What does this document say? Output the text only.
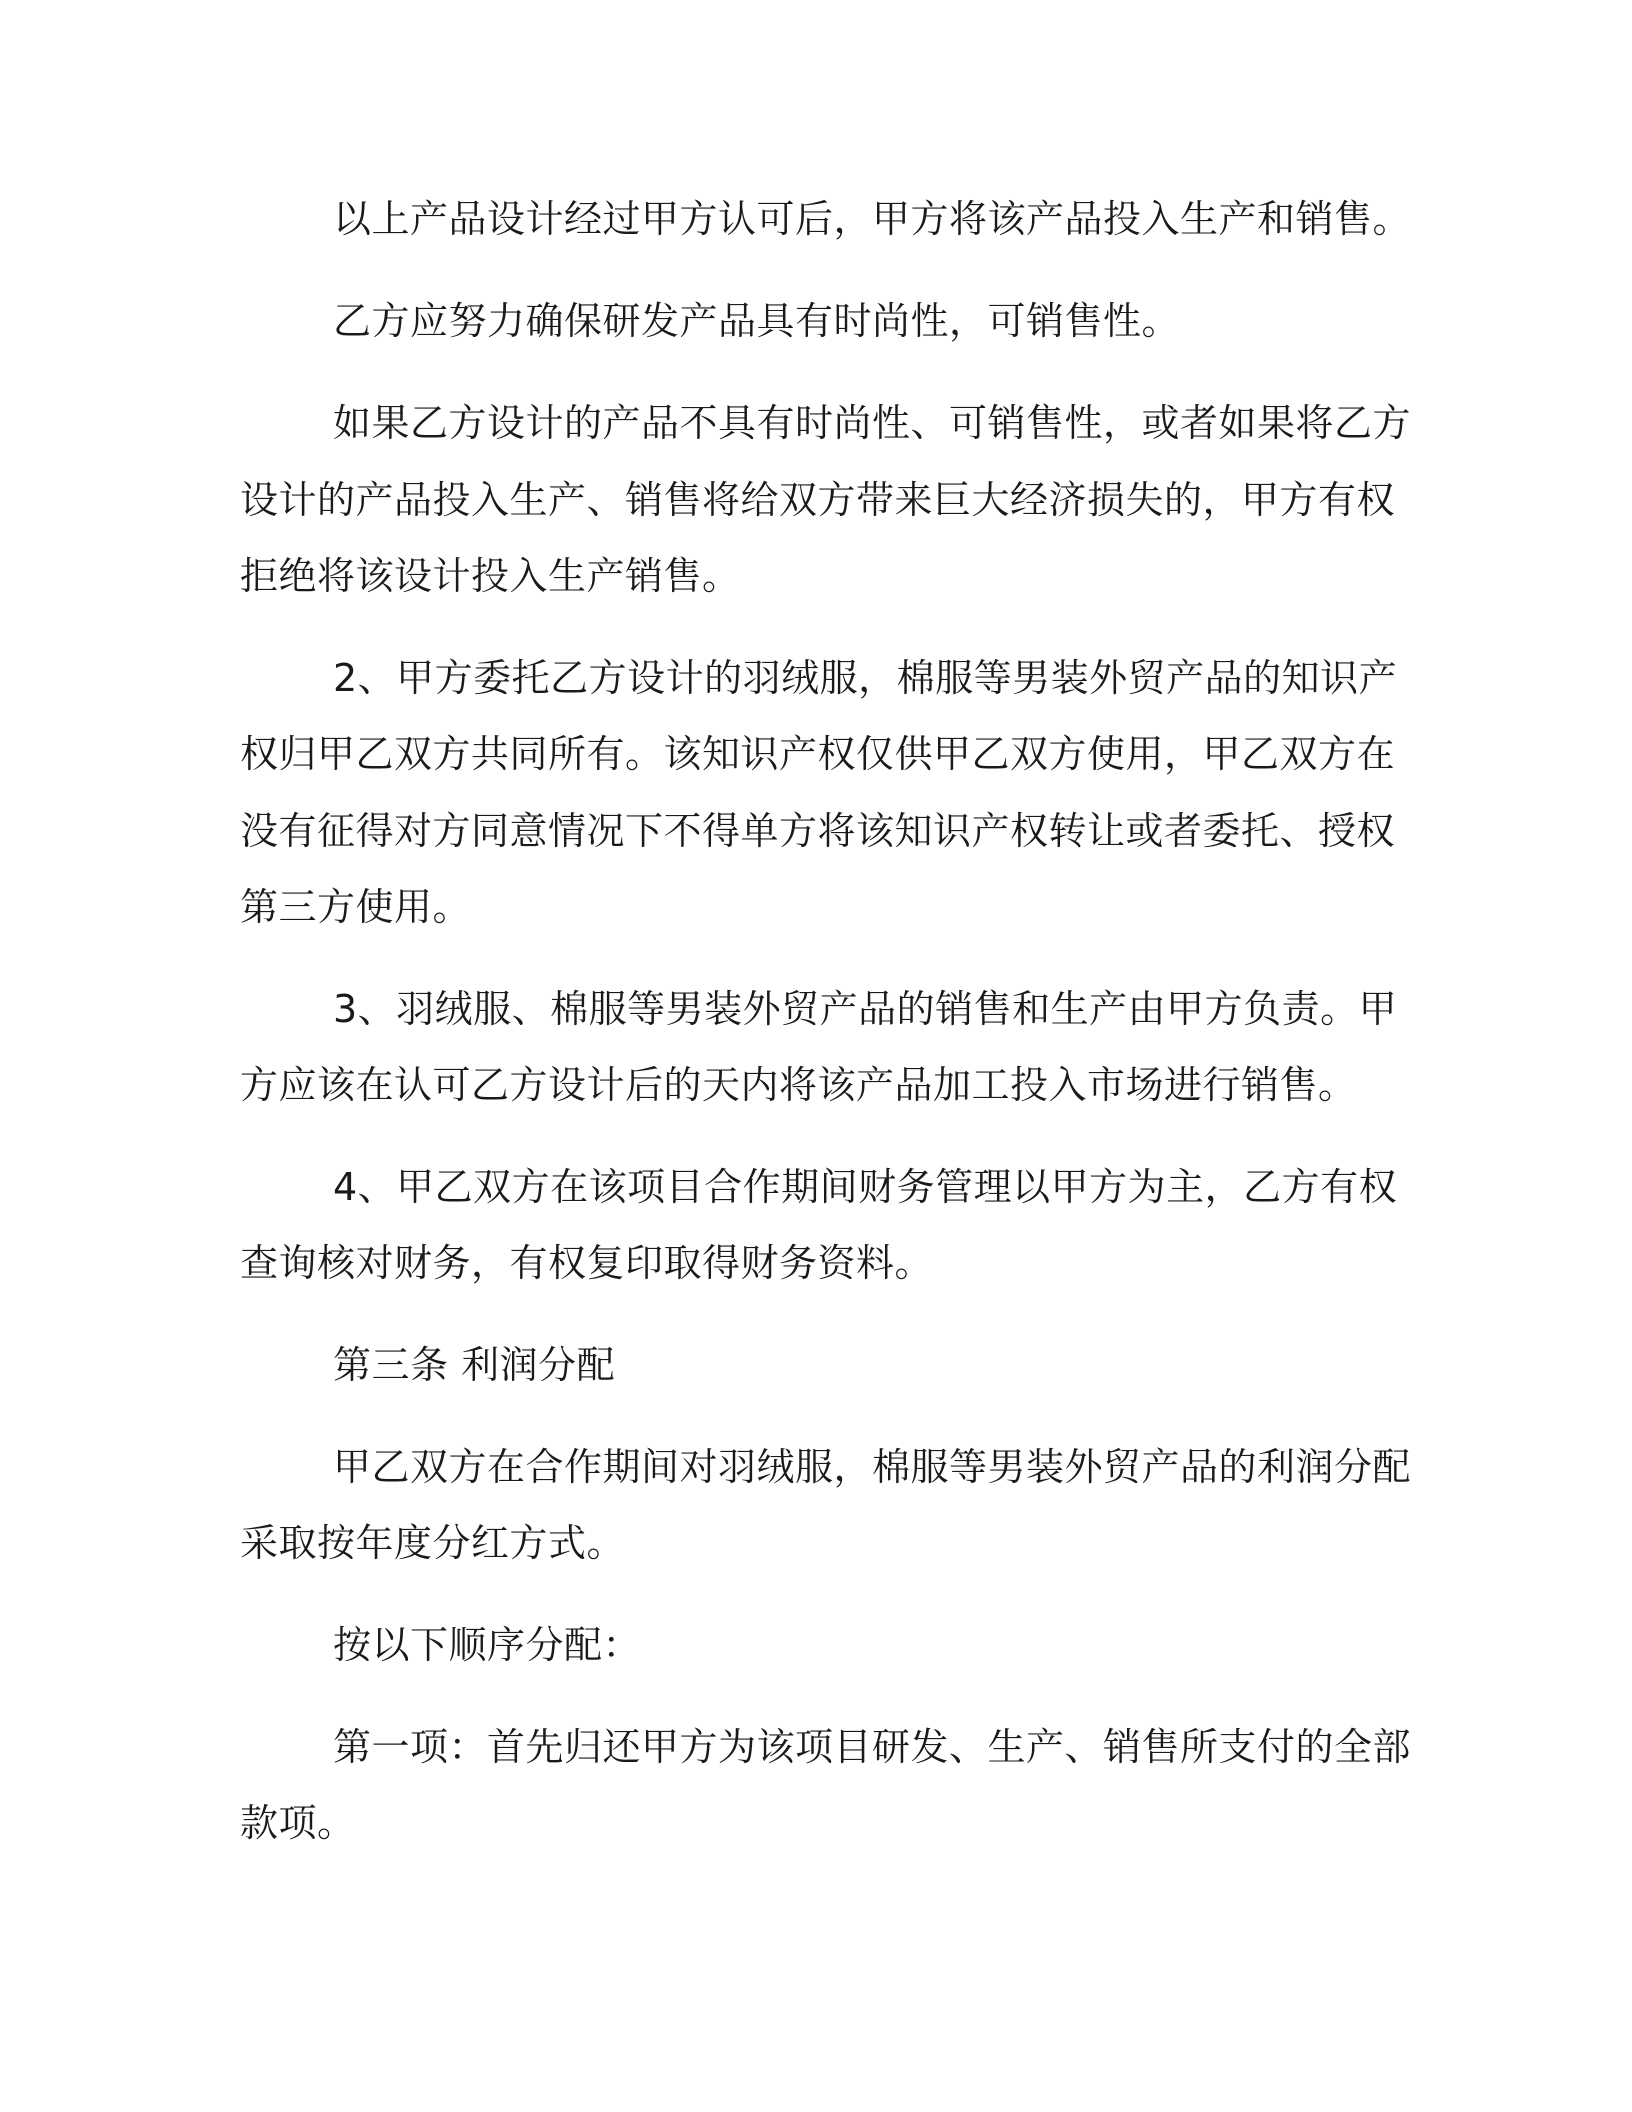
以上产品设计经过甲方认可后，甲方将该产品投入生产和销售。
乙方应努力确保研发产品具有时尚性，可销售性。
如果乙方设计的产品不具有时尚性、可销售性，或者如果将乙方
设计的产品投入生产、销售将给双方带来巨大经济损失的，甲方有权
拒绝将该设计投入生产销售。
2、甲方委托乙方设计的羽绒服，棉服等男装外贸产品的知识产
权归甲乙双方共同所有。该知识产权仅供甲乙双方使用，甲乙双方在
没有征得对方同意情况下不得单方将该知识产权转让或者委托、授权
第三方使用。
3、羽绒服、棉服等男装外贸产品的销售和生产由甲方负责。甲
方应该在认可乙方设计后的天内将该产品加工投入市场进行销售。
4、甲乙双方在该项目合作期间财务管理以甲方为主，乙方有权
查询核对财务，有权复印取得财务资料。
第三条 利润分配
甲乙双方在合作期间对羽绒服，棉服等男装外贸产品的利润分配
采取按年度分红方式。
按以下顺序分配：
第一项：首先归还甲方为该项目研发、生产、销售所支付的全部
款项。
